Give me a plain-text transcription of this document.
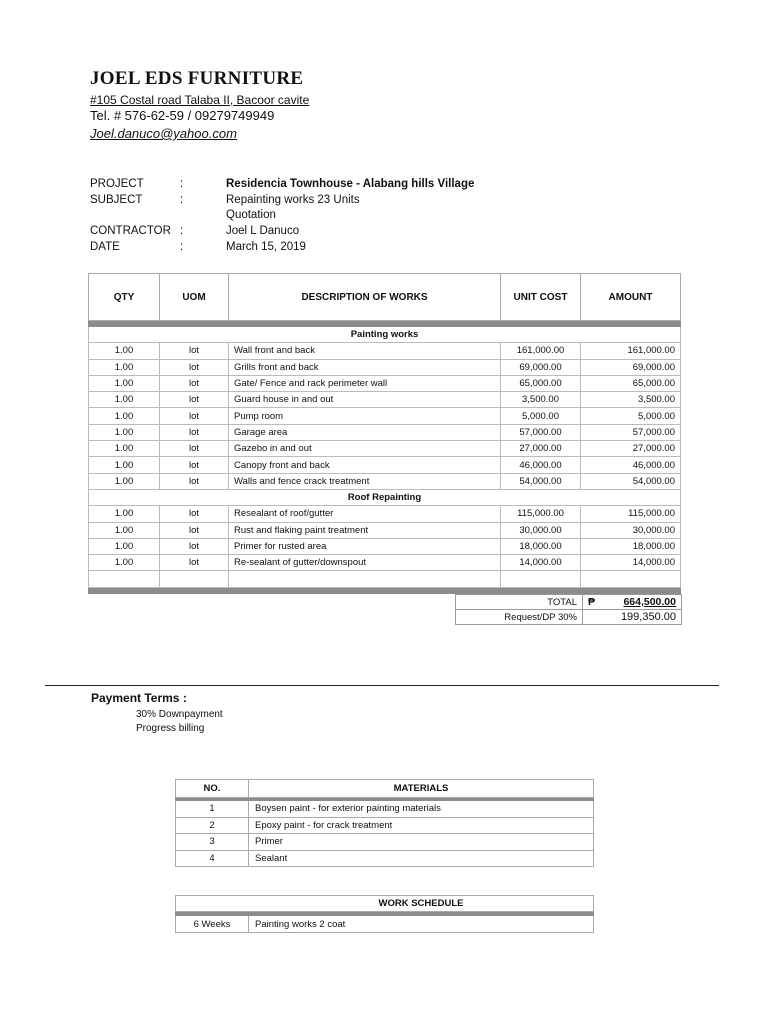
JOEL EDS FURNITURE
#105 Costal road Talaba II, Bacoor cavite
Tel. # 576-62-59 / 09279749949
Joel.danuco@yahoo.com
PROJECT	:	Residencia Townhouse - Alabang hills Village
SUBJECT	:	Repainting works 23 Units
Quotation
CONTRACTOR :	Joel L Danuco
DATE	:	March 15, 2019
QTY	UOM	DESCRIPTION OF WORKS	UNIT COST	AMOUNT

Painting works				
1.00	lot	Wall front and back	161,000.00	161,000.00
1.00	lot	Grills front and back	69,000.00	69,000.00
1.00	lot	Gate/ Fence and rack perimeter wall	65,000.00	65,000.00
1.00	lot	Guard house in and out	3,500.00	3,500.00
1.00	lot	Pump room	5,000.00	5,000.00
1.00	lot	Garage area	57,000.00	57,000.00
1.00	lot	Gazebo in and out	27,000.00	27,000.00
1.00	lot	Canopy front and back	46,000.00	46,000.00
1.00	lot	Walls and fence crack treatment	54,000.00	54,000.00
Roof Repainting				
1.00	lot	Resealant of roof/gutter	115,000.00	115,000.00
1.00	lot	Rust and flaking paint treatment	30,000.00	30,000.00
1.00	lot	Primer for rusted area	18,000.00	18,000.00
1.00	lot	Re-sealant of gutter/downspout	14,000.00	14,000.00

TOTAL	₱ 664,500.00
Request/DP 30%	199,350.00
Payment Terms :
30% Downpayment
Progress billing
NO.	MATERIALS

1	Boysen paint - for exterior painting materials
2	Epoxy paint - for crack treatment
3	Primer
4	Sealant
	WORK SCHEDULE

6 Weeks	Painting works 2 coat
